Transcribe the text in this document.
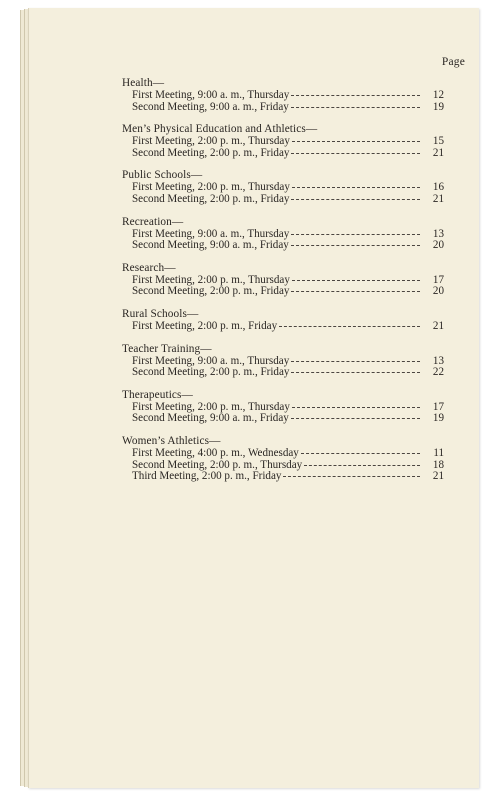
Page
Health—
First Meeting, 9:00 a. m., Thursday	12
Second Meeting, 9:00 a. m., Friday	19
Men’s Physical Education and Athletics—
First Meeting, 2:00 p. m., Thursday	15
Second Meeting, 2:00 p. m., Friday	21
Public Schools—
First Meeting, 2:00 p. m., Thursday	16
Second Meeting, 2:00 p. m., Friday	21
Recreation—
First Meeting, 9:00 a. m., Thursday	13
Second Meeting, 9:00 a. m., Friday	20
Research—
First Meeting, 2:00 p. m., Thursday	17
Second Meeting, 2:00 p. m., Friday	20
Rural Schools—
First Meeting, 2:00 p. m., Friday	21
Teacher Training—
First Meeting, 9:00 a. m., Thursday	13
Second Meeting, 2:00 p. m., Friday	22
Therapeutics—
First Meeting, 2:00 p. m., Thursday	17
Second Meeting, 9:00 a. m., Friday	19
Women’s Athletics—
First Meeting, 4:00 p. m., Wednesday	11
Second Meeting, 2:00 p. m., Thursday	18
Third Meeting, 2:00 p. m., Friday	21
